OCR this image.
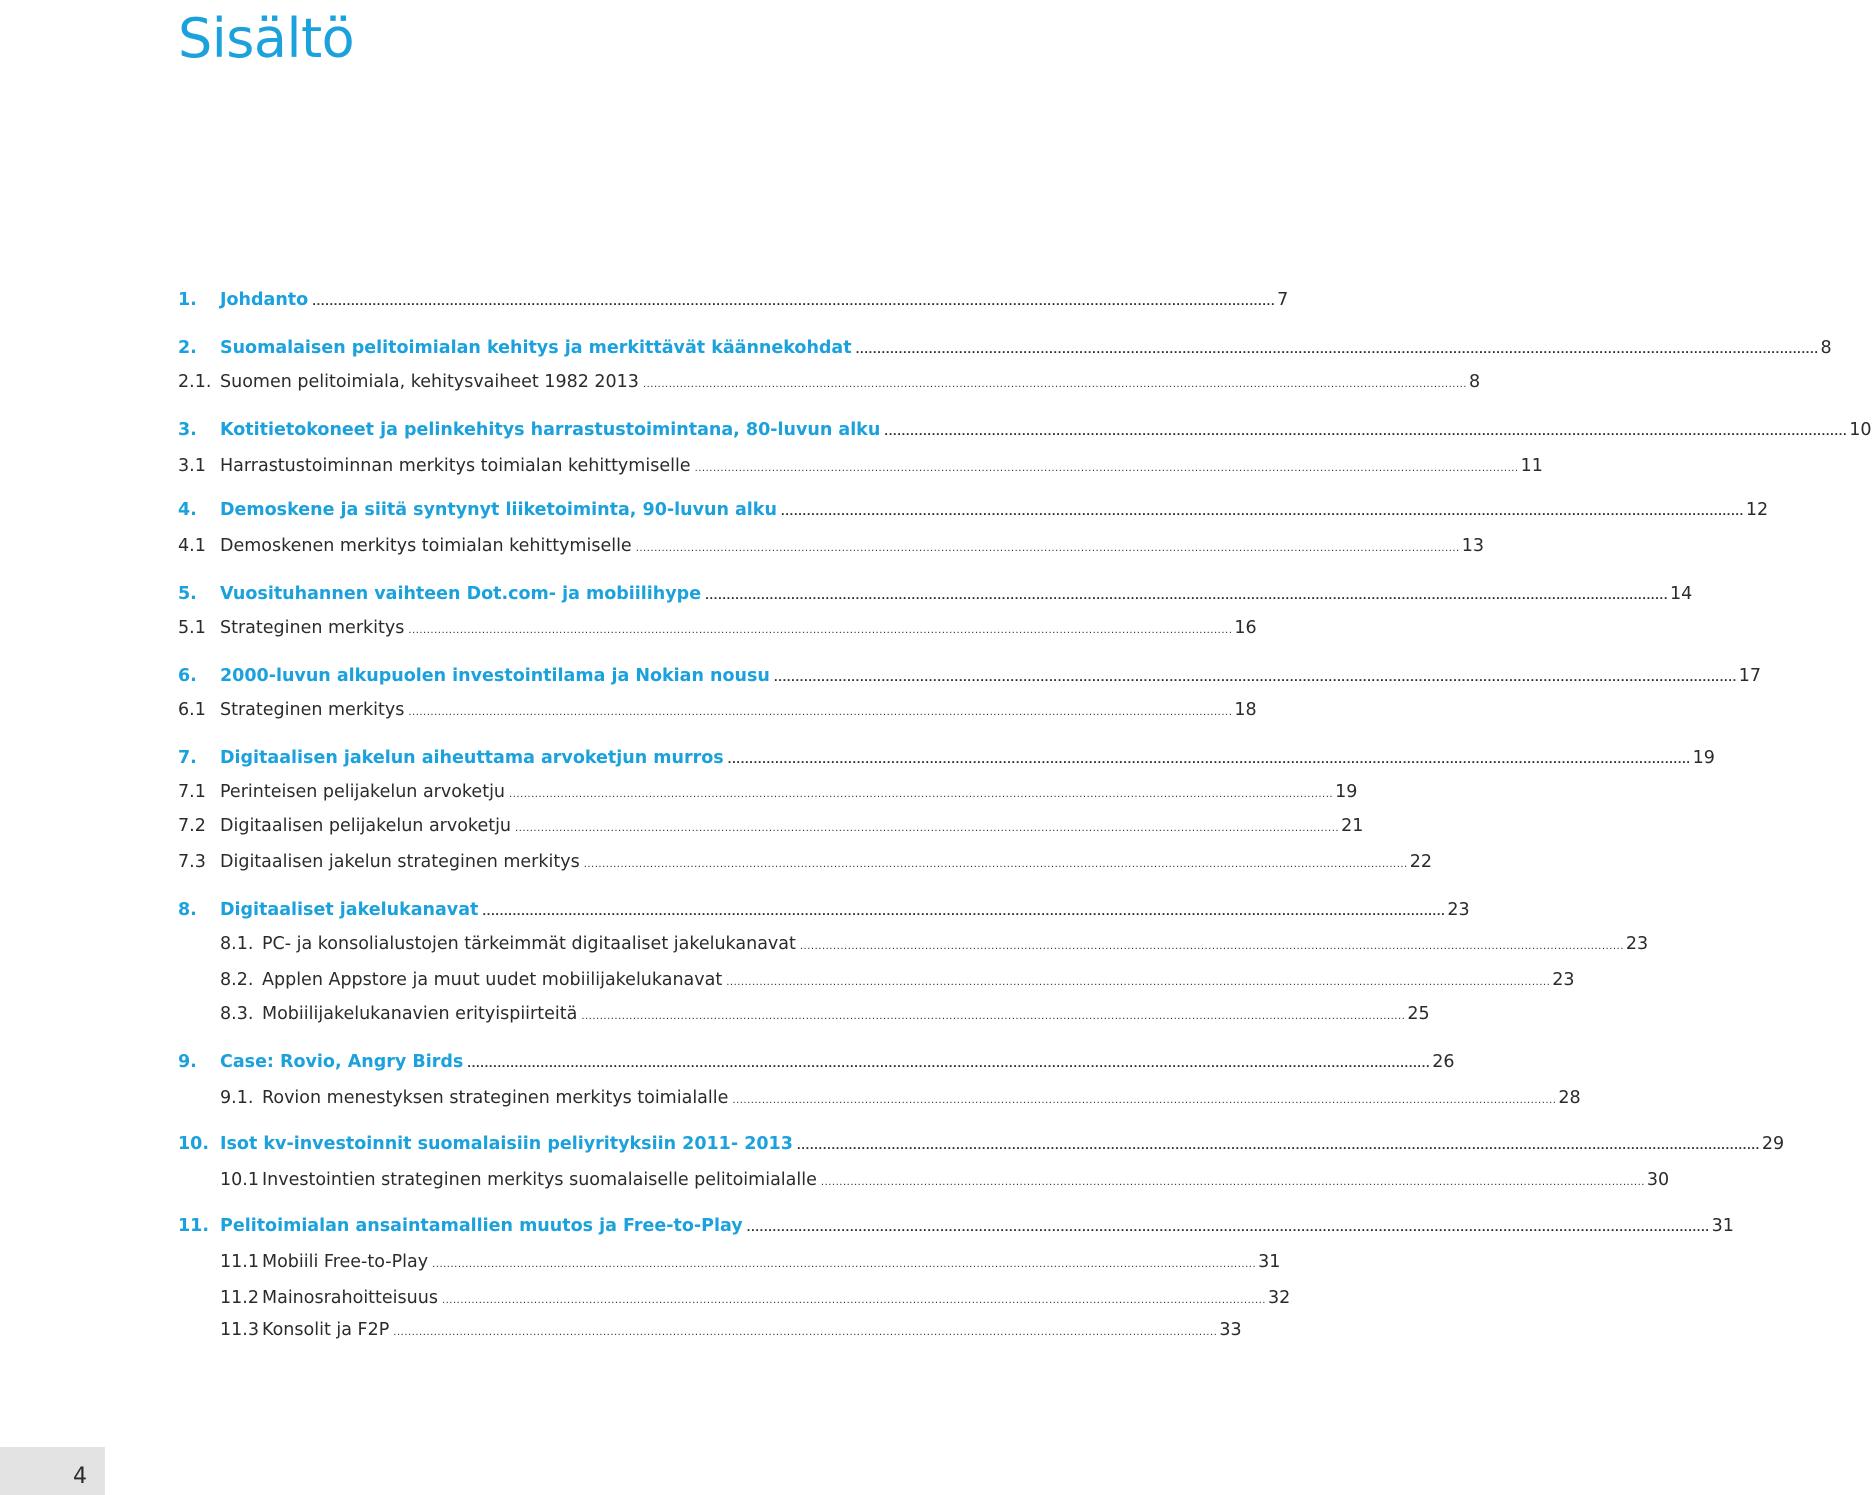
Sisältö
1.	Johdanto .....	7
2.	Suomalaisen pelitoimialan kehitys ja merkittävät käännekohdat .....	8
2.1. Suomen pelitoimiala, kehitysvaiheet 1982 2013 .....	8
3.	Kotitietokoneet ja pelinkehitys harrastustoimintana, 80-luvun alku .....	10
3.1 Harrastustoiminnan merkitys toimialan kehittymiselle .....	11
4.	Demoskene ja siitä syntynyt liiketoiminta, 90-luvun alku .....	12
4.1 Demoskenen merkitys toimialan kehittymiselle .....	13
5.	Vuosituhannen vaihteen Dot.com- ja mobiilihype .....	14
5.1 Strateginen merkitys .....	16
6.	2000-luvun alkupuolen investointilama ja Nokian nousu .....	17
6.1 Strateginen merkitys .....	18
7.	Digitaalisen jakelun aiheuttama arvoketjun murros .....	19
7.1 Perinteisen pelijakelun arvoketju .....	19
7.2 Digitaalisen pelijakelun arvoketju .....	21
7.3 Digitaalisen jakelun strateginen merkitys .....	22
8.	Digitaaliset jakelukanavat .....	23
8.1. PC- ja konsolialustojen tärkeimmät digitaaliset jakelukanavat .....	23
8.2. Applen Appstore ja muut uudet mobiilijakelukanavat .....	23
8.3. Mobiilijakelukanavien erityispiirteitä .....	25
9.	Case: Rovio, Angry Birds .....	26
9.1. Rovion menestyksen strateginen merkitys toimialalle .....	28
10. Isot kv-investoinnit suomalaisiin peliyrityksiin 2011- 2013 .....	29
10.1 Investointien strateginen merkitys suomalaiselle pelitoimialalle .....	30
11. Pelitoimialan ansaintamallien muutos ja Free-to-Play .....	31
11.1 Mobiili Free-to-Play .....	31
11.2 Mainosrahoitteisuus .....	32
11.3 Konsolit ja F2P .....	33
4
